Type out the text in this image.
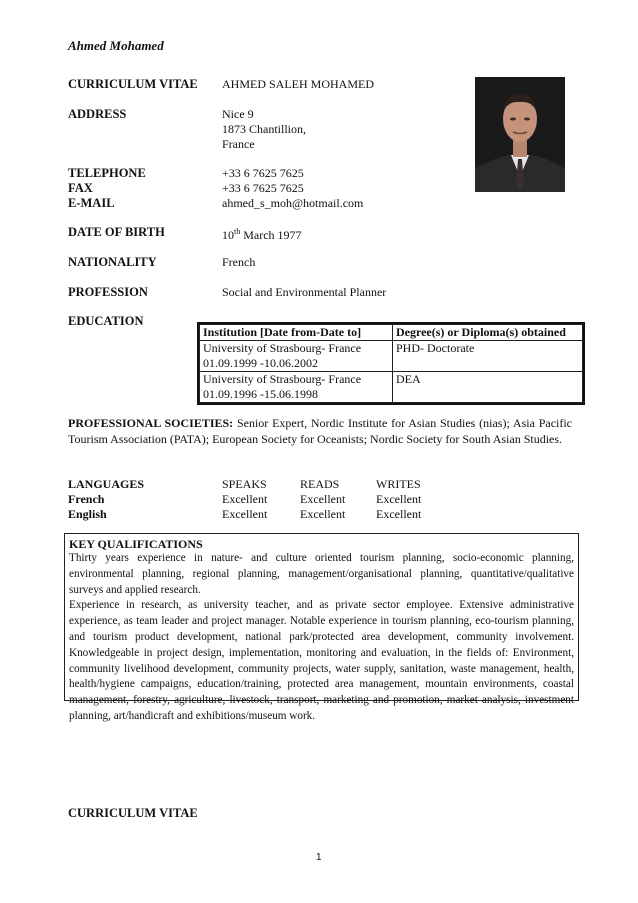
Ahmed Mohamed
CURRICULUM VITAE AHMED SALEH MOHAMED
ADDRESS	Nice 9
1873 Chantillion,
France
TELEPHONE	+33 6 7625 7625
FAX	+33 6 7625 7625
E-MAIL	ahmed_s_moh@hotmail.com
DATE OF BIRTH	10th March 1977
NATIONALITY	French
PROFESSION	Social and Environmental Planner
EDUCATION
Institution [Date from-Date to]	Degree(s) or Diploma(s) obtained

University of Strasbourg- France
01.09.1999 -10.06.2002	PHD- Doctorate

University of Strasbourg- France
01.09.1996 -15.06.1998	DEA
PROFESSIONAL SOCIETIES: Senior Expert, Nordic Institute for Asian Studies (nias); Asia Pacific Tourism Association (PATA); European Society for Oceanists; Nordic Society for South Asian Studies.
LANGUAGES	SPEAKS	READS	WRITES
French	Excellent	Excellent	Excellent
English	Excellent	Excellent	Excellent
KEY QUALIFICATIONS

Thirty years experience in nature- and culture oriented tourism planning, socio-economic planning, environmental planning, regional planning, management/organisational planning, quantitative/qualitative surveys and applied research.

Experience in research, as university teacher, and as private sector employee. Extensive administrative experience, as team leader and project manager. Notable experience in tourism planning, eco-tourism planning, and tourism product development, national park/protected area development, community involvement. Knowledgeable in project design, implementation, monitoring and evaluation, in the fields of: Environment, community livelihood development, community projects, water supply, sanitation, waste management, health, health/hygiene campaigns, education/training, protected area management, mountain environments, coastal management, forestry, agriculture, livestock, transport, marketing and promotion, market analysis, investment planning, art/handicraft and exhibitions/museum work.

CURRICULUM VITAE
1
